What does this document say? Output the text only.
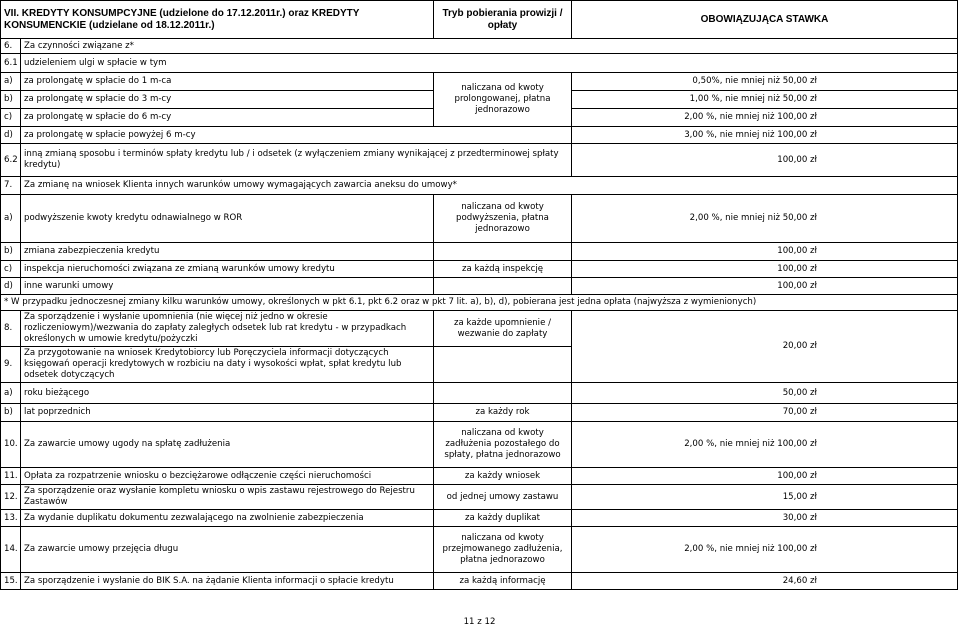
VII. KREDYTY KONSUMPCYJNE (udzielone do 17.12.2011r.) oraz KREDYTY KONSUMENCKIE (udzielane od 18.12.2011r.)		Tryb pobierania prowizji / opłaty	OBOWIĄZUJĄCA STAWKA
6.	Za czynności związane z*		
6.1	udzieleniem ulgi w spłacie w tym		
a)	za prolongatę w spłacie do 1 m-ca	naliczana od kwoty prolongowanej, płatna jednorazowo	0,50%, nie mniej niż 50,00 zł
b)	za prolongatę w spłacie do 3 m-cy		1,00 %, nie mniej niż 50,00 zł
c)	za prolongatę w spłacie do 6 m-cy		2,00 %, nie mniej niż 100,00 zł
d)	za prolongatę w spłacie powyżej 6 m-cy		3,00 %, nie mniej niż 100,00 zł
6.2	inną zmianą sposobu i terminów spłaty kredytu lub / i odsetek (z wyłączeniem zmiany wynikającej z przedterminowej spłaty kredytu)		100,00 zł
7.	Za zmianę na wniosek Klienta innych warunków umowy wymagających zawarcia aneksu do umowy*		
a)	podwyższenie kwoty kredytu odnawialnego w ROR	naliczana od kwoty podwyższenia, płatna jednorazowo	2,00 %, nie mniej niż 50,00 zł
b)	zmiana zabezpieczenia kredytu		100,00 zł
c)	inspekcja nieruchomości związana ze zmianą warunków umowy kredytu	za każdą inspekcję	100,00 zł
d)	inne warunki umowy		100,00 zł
* W przypadku jednoczesnej zmiany kilku warunków umowy, określonych w pkt 6.1, pkt 6.2 oraz w pkt 7 lit. a), b), d), pobierana jest jedna opłata (najwyższa z wymienionych)			
8.	Za sporządzenie i wysłanie upomnienia (nie więcej niż jedno w okresie rozliczeniowym)/wezwania do zapłaty zaległych odsetek lub rat kredytu - w przypadkach określonych w umowie kredytu/pożyczki	za każde upomnienie / wezwanie do zapłaty	20,00 zł
9.	Za przygotowanie na wniosek Kredytobiorcy lub Poręczyciela informacji dotyczących księgowań operacji kredytowych w rozbiciu na daty i wysokości wpłat, spłat kredytu lub odsetek dotyczących		
a)	roku bieżącego		50,00 zł
b)	lat poprzednich	za każdy rok	70,00 zł
10.	Za zawarcie umowy ugody na spłatę zadłużenia	naliczana od kwoty zadłużenia pozostałego do spłaty, płatna jednorazowo	2,00 %, nie mniej niż 100,00 zł
11.	Opłata za rozpatrzenie wniosku o bezciężarowe odłączenie części nieruchomości	za każdy wniosek	100,00 zł
12.	Za sporządzenie oraz wysłanie kompletu wniosku o wpis zastawu rejestrowego do Rejestru Zastawów	od jednej umowy zastawu	15,00 zł
13.	Za wydanie duplikatu dokumentu zezwalającego na zwolnienie zabezpieczenia	za każdy duplikat	30,00 zł
14.	Za zawarcie umowy przejęcia długu	naliczana od kwoty przejmowanego zadłużenia, płatna jednorazowo	2,00 %, nie mniej niż 100,00 zł
15.	Za sporządzenie i wysłanie do BIK S.A. na żądanie Klienta informacji o spłacie kredytu	za każdą informację	24,60 zł
11 z 12
